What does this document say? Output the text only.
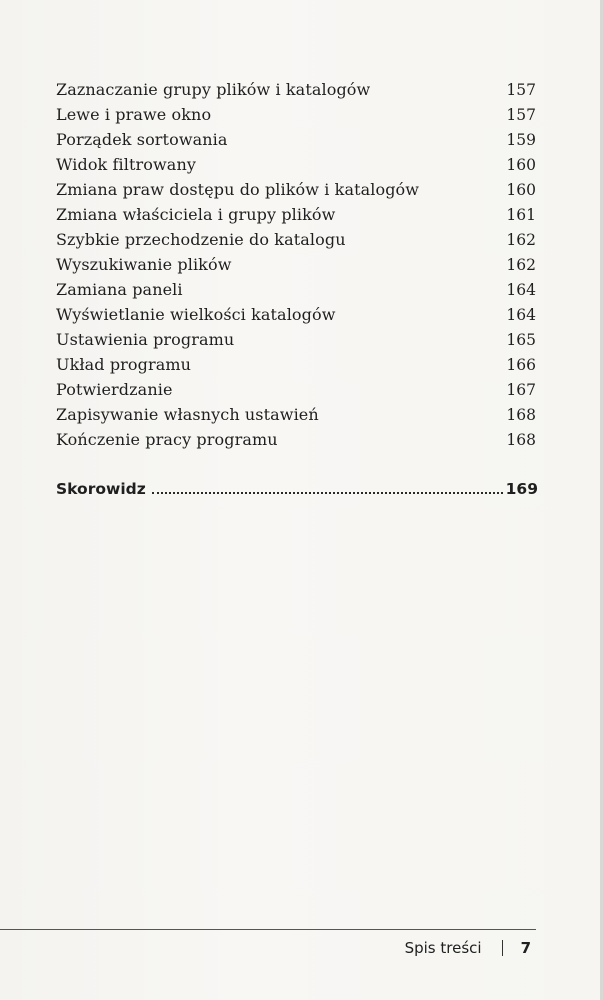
Zaznaczanie grupy plików i katalogów	157
Lewe i prawe okno	157
Porządek sortowania	159
Widok filtrowany	160
Zmiana praw dostępu do plików i katalogów	160
Zmiana właściciela i grupy plików	161
Szybkie przechodzenie do katalogu	162
Wyszukiwanie plików	162
Zamiana paneli	164
Wyświetlanie wielkości katalogów	164
Ustawienia programu	165
Układ programu	166
Potwierdzanie	167
Zapisywanie własnych ustawień	168
Kończenie pracy programu	168
Skorowidz	169
Spis treści	7
